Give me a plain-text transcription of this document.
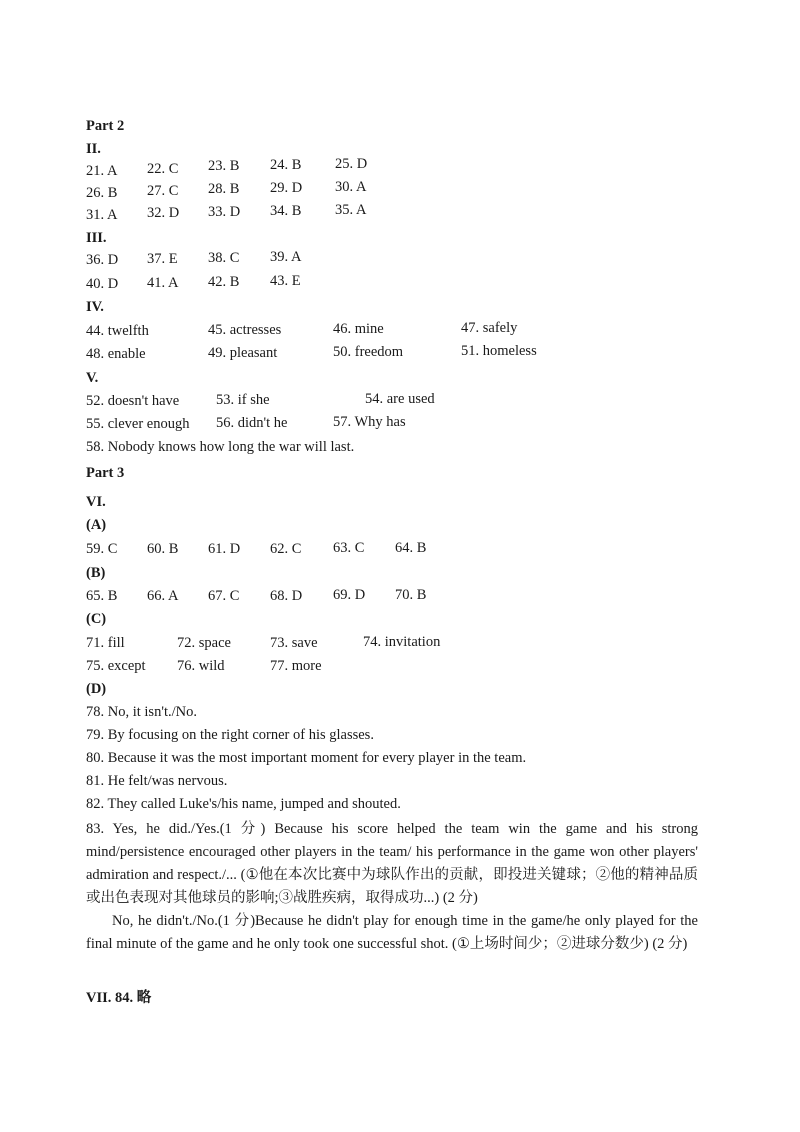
Part 2
II.
21. A 22. C 23. B 24. B 25. D
26. B 27. C 28. B 29. D 30. A
31. A 32. D 33. D 34. B 35. A
III.
36. D 37. E 38. C 39. A
40. D 41. A 42. B 43. E
IV.
44. twelfth	45. actresses	46. mine	47. safely
48. enable	49. pleasant	50. freedom	51. homeless
V.
52. doesn't have	53. if she	54. are used
55. clever enough 56. didn't he	57. Why has
58. Nobody knows how long the war will last.
Part 3
VI.
(A)
59. C 60. B 61. D 62. C 63. C 64. B
(B)
65. B 66. A 67. C 68. D 69. D 70. B
(C)
71. fill	72. space	73. save	74. invitation
75. except 76. wild	77. more
(D)
78. No, it isn't./No.
79. By focusing on the right corner of his glasses.
80. Because it was the most important moment for every player in the team.
81. He felt/was nervous.
82. They called Luke's/his name, jumped and shouted.
83. Yes, he did./Yes.(1 分) Because his score helped the team win the game and his strong mind/persistence encouraged other players in the team/ his performance in the game won other players' admiration and respect./... (①他在本次比赛中为球队作出的贡献，即投进关键球；②他的精神品质或出色表现对其他球员的影响;③战胜疾病，取得成功...) (2 分)
No, he didn't./No.(1 分)Because he didn't play for enough time in the game/he only played for the final minute of the game and he only took one successful shot. (①上场时间少；②进球分数少) (2 分)
VII. 84. 略
